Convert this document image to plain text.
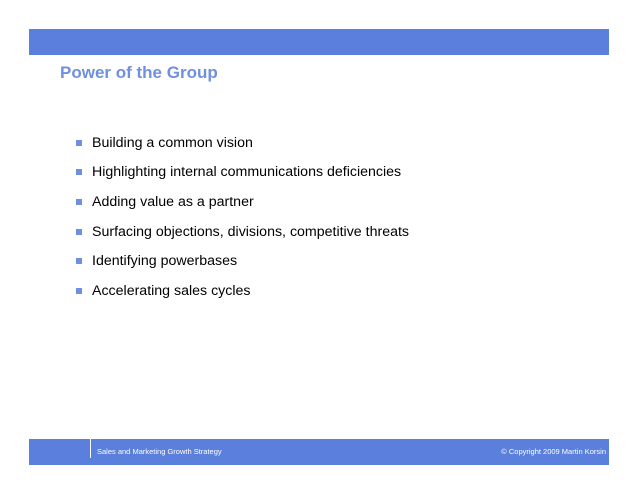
Power of the Group
Building a common vision
Highlighting internal communications deficiencies
Adding value as a partner
Surfacing objections, divisions, competitive threats
Identifying powerbases
Accelerating sales cycles
Sales and Marketing Growth Strategy	© Copyright 2009 Martin Korsin
